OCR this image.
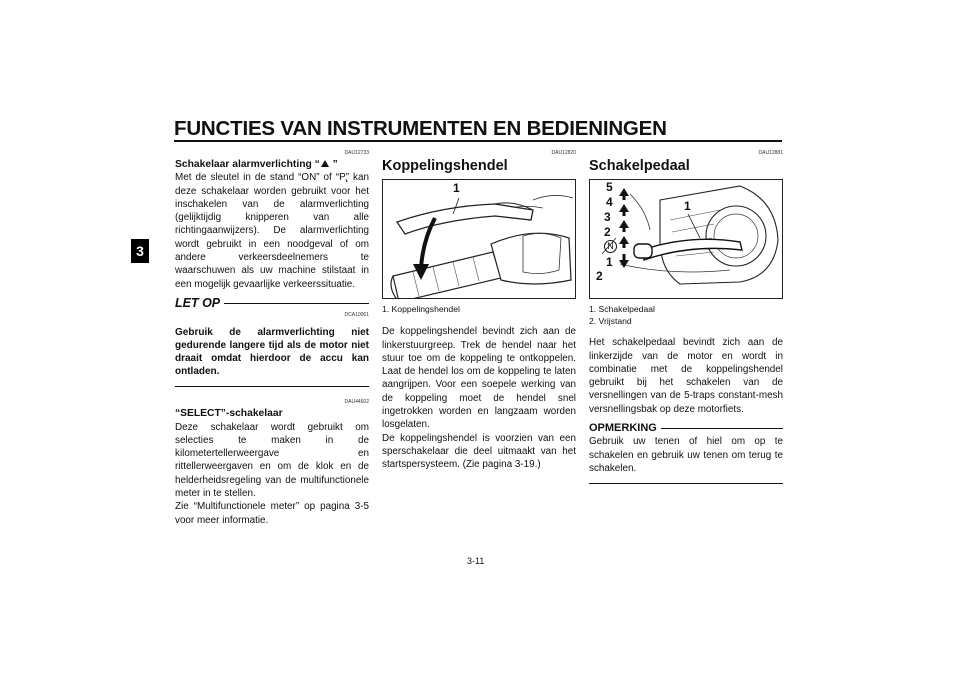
FUNCTIES VAN INSTRUMENTEN EN BEDIENINGEN
3
DAU12733
Schakelaar alarmverlichting “ ”
Met de sleutel in de stand “ON” of “P̢” kan deze schakelaar worden gebruikt voor het inschakelen van de alarmverlichting (gelijktijdig knipperen van alle richtingaanwijzers). De alarmverlichting wordt gebruikt in een noodgeval of om andere verkeersdeelnemers te waarschuwen als uw machine stilstaat in een mogelijk gevaarlijke verkeerssituatie.
LET OP
DCA10061
Gebruik de alarmverlichting niet gedurende langere tijd als de motor niet draait omdat hierdoor de accu kan ontladen.
DAU44602
“SELECT”-schakelaar
Deze schakelaar wordt gebruikt om selecties te maken in de kilometertellerweergave en rittellerweergaven en om de klok en de helderheidsregeling van de multifunctionele meter in te stellen.
Zie “Multifunctionele meter” op pagina 3-5 voor meer informatie.
DAU12820
Koppelingshendel
1
1. Koppelingshendel
De koppelingshendel bevindt zich aan de linkerstuurgreep. Trek de hendel naar het stuur toe om de koppeling te ontkoppelen. Laat de hendel los om de koppeling te laten aangrijpen. Voor een soepele werking van de koppeling moet de hendel snel ingetrokken worden en langzaam worden losgelaten.
De koppelingshendel is voorzien van een sperschakelaar die deel uitmaakt van het startspersysteem. (Zie pagina 3-19.)
DAU12881
Schakelpedaal
5
4
3
2
N
1
1
2
1. Schakelpedaal
2. Vrijstand
Het schakelpedaal bevindt zich aan de linkerzijde van de motor en wordt in combinatie met de koppelingshendel gebruikt bij het schakelen van de versnellingen van de 5-traps constant-mesh versnellingsbak op deze motorfiets.
OPMERKING
Gebruik uw tenen of hiel om op te schakelen en gebruik uw tenen om terug te schakelen.
3-11
